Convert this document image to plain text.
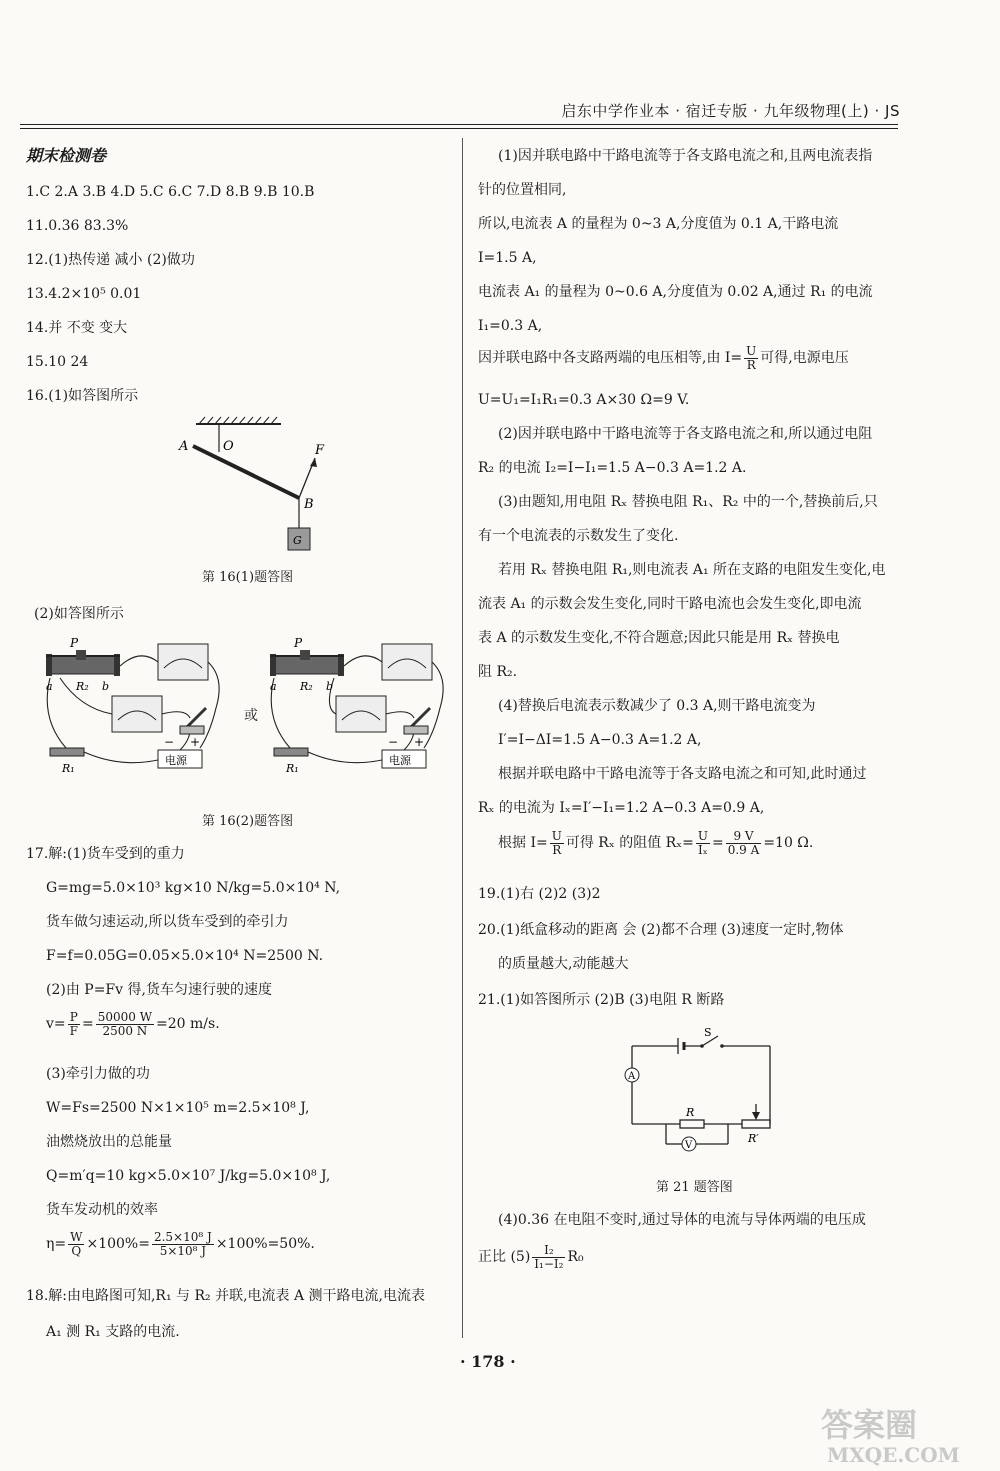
启东中学作业本 · 宿迁专版 · 九年级物理(上) · JS
期末检测卷
1.C 2.A 3.B 4.D 5.C 6.C 7.D 8.B 9.B 10.B
11.0.36 83.3%
12.(1)热传递 减小 (2)做功
13.4.2×10⁵ 0.01
14.并 不变 变大
15.10 24
16.(1)如答图所示
A	O	F
B
G
第 16(1)题答图
(2)如答图所示
P
R₂
a	b
R₁
− +
电源
或
P
R₂
a	b
R₁
− +
电源
第 16(2)题答图
17.解:(1)货车受到的重力
G=mg=5.0×10³ kg×10 N/kg=5.0×10⁴ N,
货车做匀速运动,所以货车受到的牵引力
F=f=0.05G=0.05×5.0×10⁴ N=2500 N.
(2)由 P=Fv 得,货车匀速行驶的速度
$v= \frac{P}{F} = \frac{50000 W}{2500 N} =20$ m/s.
(3)牵引力做的功
W=Fs=2500 N×1×10⁵ m=2.5×10⁸ J,
油燃烧放出的总能量
Q=m′q=10 kg×5.0×10⁷ J/kg=5.0×10⁸ J,
货车发动机的效率
$\eta= \frac{W}{Q} \times 100\%= \frac{\text{2.5×10⁸ J}}{\text{5×10⁸ J}} \times 100\%=50\%$.
18.解:由电路图可知,R₁ 与 R₂ 并联,电流表 A 测干路电流,电流表
A₁ 测 R₁ 支路的电流.
(1)因并联电路中干路电流等于各支路电流之和,且两电流表指
针的位置相同,
所以,电流表 A 的量程为 0~3 A,分度值为 0.1 A,干路电流
I=1.5 A,
电流表 A₁ 的量程为 0~0.6 A,分度值为 0.02 A,通过 R₁ 的电流
I₁=0.3 A,
因并联电路中各支路两端的电压相等,由 $I= \frac{U}{R}$ 可得,电源电压
U=U₁=I₁R₁=0.3 A×30 Ω=9 V.
(2)因并联电路中干路电流等于各支路电流之和,所以通过电阻
R₂ 的电流 I₂=I−I₁=1.5 A−0.3 A=1.2 A.
(3)由题知,用电阻 Rₓ 替换电阻 R₁、R₂ 中的一个,替换前后,只
有一个电流表的示数发生了变化.
若用 Rₓ 替换电阻 R₁,则电流表 A₁ 所在支路的电阻发生变化,电
流表 A₁ 的示数会发生变化,同时干路电流也会发生变化,即电流
表 A 的示数发生变化,不符合题意;因此只能是用 Rₓ 替换电
阻 R₂.
(4)替换后电流表示数减少了 0.3 A,则干路电流变为
I′=I−ΔI=1.5 A−0.3 A=1.2 A,
根据并联电路中干路电流等于各支路电流之和可知,此时通过
Rₓ 的电流为 Iₓ=I′−I₁=1.2 A−0.3 A=0.9 A,
根据 $I= \frac{U}{R}$ 可得 Rₓ 的阻值 $R_x= \frac{U}{\text{Iₓ}} = \frac{9 V}{0.9 A} =10$ Ω.
19.(1)右 (2)2 (3)2
20.(1)纸盒移动的距离 会 (2)都不合理 (3)速度一定时,物体
的质量越大,动能越大
21.(1)如答图所示 (2)B (3)电阻 R 断路
A
V
S
R
R′
第 21 题答图
(4)0.36 在电阻不变时,通过导体的电流与导体两端的电压成
正比 $(5) \frac{\text{I₂}}{\text{I₁−I₂}} R_0$
· 178 ·
答案圈
MXQE.COM
